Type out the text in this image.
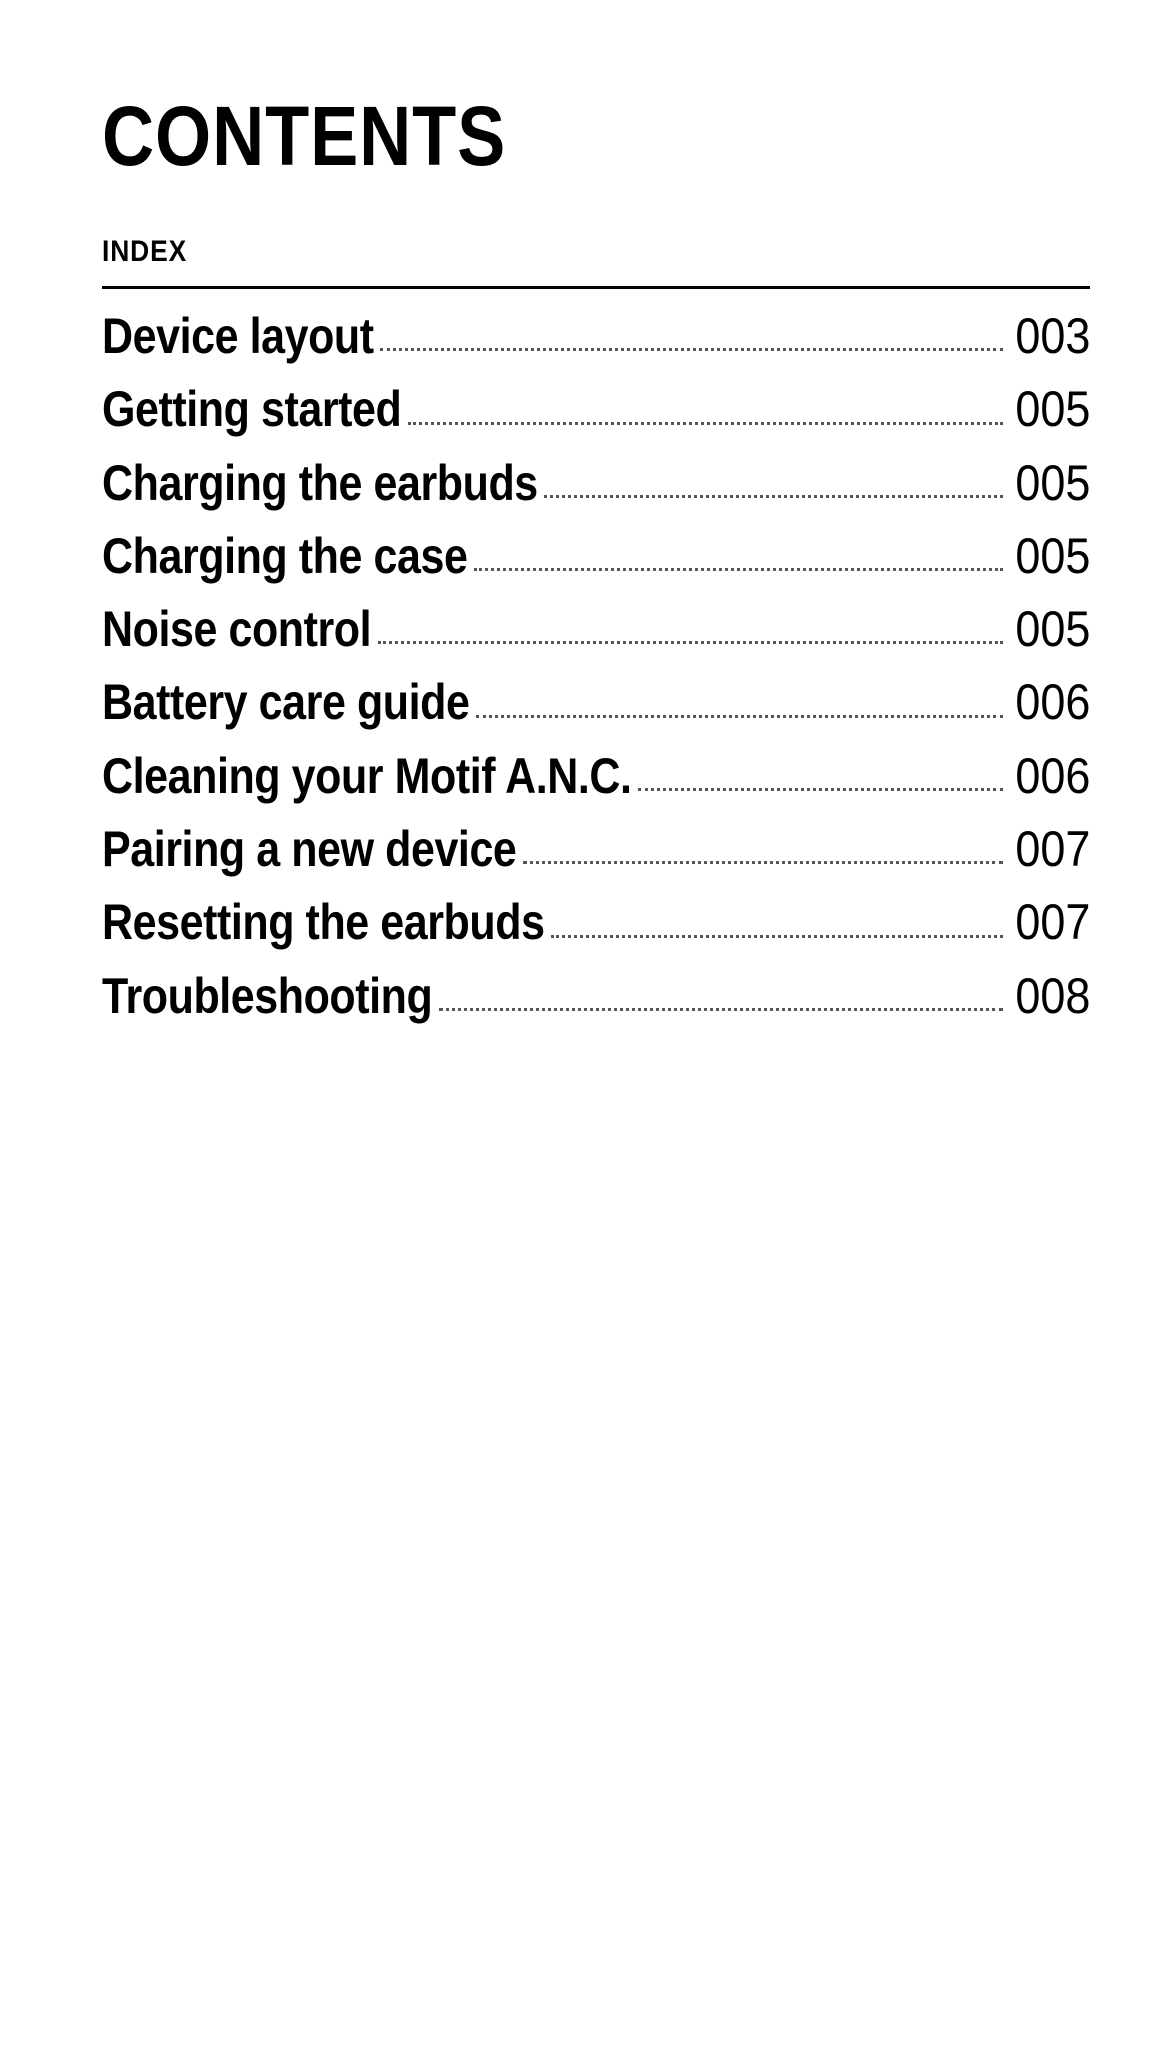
CONTENTS
INDEX
Device layout	003
Getting started	005
Charging the earbuds	005
Charging the case	005
Noise control	005
Battery care guide	006
Cleaning your Motif A.N.C.	006
Pairing a new device	007
Resetting the earbuds	007
Troubleshooting	008
